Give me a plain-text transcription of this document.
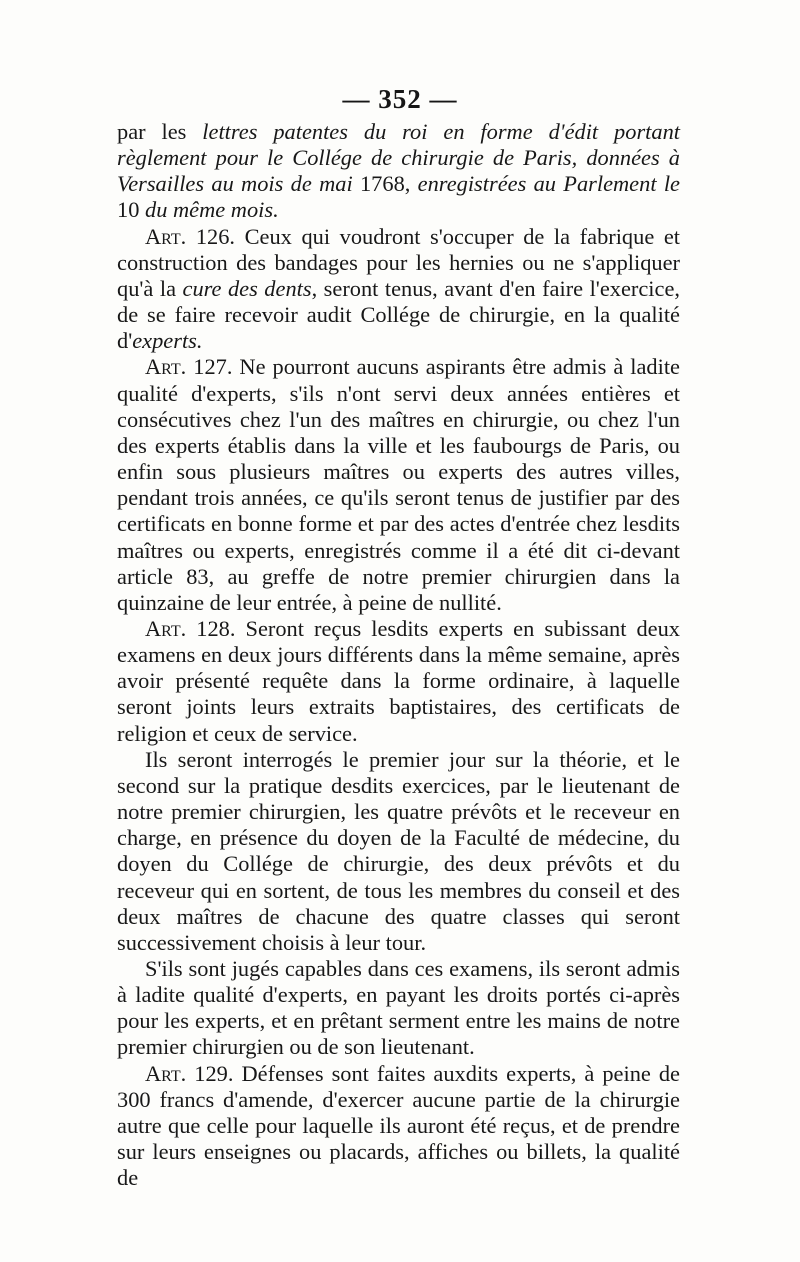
— 352 —

par les lettres patentes du roi en forme d'édit portant règlement pour le Collége de chirurgie de Paris, données à Versailles au mois de mai 1768, enregistrées au Parlement le 10 du même mois.

Art. 126. Ceux qui voudront s'occuper de la fabrique et construction des bandages pour les hernies ou ne s'appliquer qu'à la cure des dents, seront tenus, avant d'en faire l'exercice, de se faire recevoir audit Collége de chirurgie, en la qualité d'experts.

Art. 127. Ne pourront aucuns aspirants être admis à ladite qualité d'experts, s'ils n'ont servi deux années entières et consécutives chez l'un des maîtres en chirurgie, ou chez l'un des experts établis dans la ville et les faubourgs de Paris, ou enfin sous plusieurs maîtres ou experts des autres villes, pendant trois années, ce qu'ils seront tenus de justifier par des certificats en bonne forme et par des actes d'entrée chez lesdits maîtres ou experts, enregistrés comme il a été dit ci-devant article 83, au greffe de notre premier chirurgien dans la quinzaine de leur entrée, à peine de nullité.

Art. 128. Seront reçus lesdits experts en subissant deux examens en deux jours différents dans la même semaine, après avoir présenté requête dans la forme ordinaire, à laquelle seront joints leurs extraits baptistaires, des certificats de religion et ceux de service.

Ils seront interrogés le premier jour sur la théorie, et le second sur la pratique desdits exercices, par le lieutenant de notre premier chirurgien, les quatre prévôts et le receveur en charge, en présence du doyen de la Faculté de médecine, du doyen du Collége de chirurgie, des deux prévôts et du receveur qui en sortent, de tous les membres du conseil et des deux maîtres de chacune des quatre classes qui seront successivement choisis à leur tour.

S'ils sont jugés capables dans ces examens, ils seront admis à ladite qualité d'experts, en payant les droits portés ci-après pour les experts, et en prêtant serment entre les mains de notre premier chirurgien ou de son lieutenant.

Art. 129. Défenses sont faites auxdits experts, à peine de 300 francs d'amende, d'exercer aucune partie de la chirurgie autre que celle pour laquelle ils auront été reçus, et de prendre sur leurs enseignes ou placards, affiches ou billets, la qualité de
